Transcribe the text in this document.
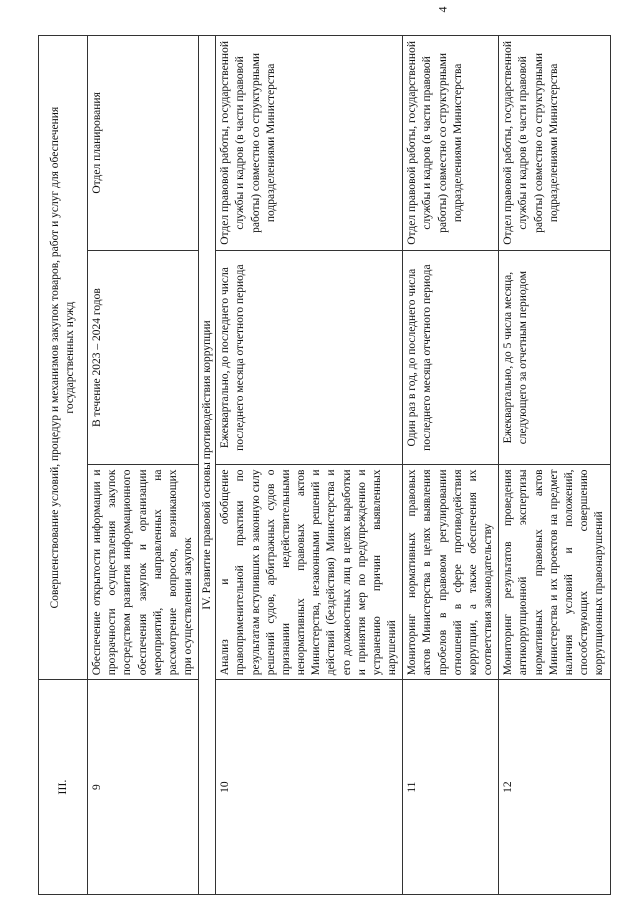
4
III.	Совершенствование условий, процедур и механизмов закупок товаров, работ и услуг для обеспечения государственных нужд		
9	Обеспечение открытости информации и прозрачности осуществления закупок посредством развития информационного обеспечения закупок и организации мероприятий, направленных на рассмотрение вопросов, возникающих при осуществлении закупок	В течение 2023 – 2024 годов	Отдел планирования
IV. Развитие правовой основы противодействия коррупции			
10	Анализ и обобщение правоприменительной практики по результатам вступивших в законную силу решений судов, арбитражных судов о признании недействительными ненормативных правовых актов Министерства, незаконными решений и действий (бездействия) Министерства и его должностных лиц в целях выработки и принятия мер по предупреждению и устранению причин выявленных нарушений	Ежеквартально, до последнего числа последнего месяца отчетного периода	Отдел правовой работы, государственной службы и кадров (в части правовой работы) совместно со структурными подразделениями Министерства
11	Мониторинг нормативных правовых актов Министерства в целях выявления пробелов в правовом регулировании отношений в сфере противодействия коррупции, а также обеспечения их соответствия законодательству	Один раз в год, до последнего числа последнего месяца отчетного периода	Отдел правовой работы, государственной службы и кадров (в части правовой работы) совместно со структурными подразделениями Министерства
12	Мониторинг результатов проведения антикоррупционной экспертизы нормативных правовых актов Министерства и их проектов на предмет наличия условий и положений, способствующих совершению коррупционных правонарушений	Ежеквартально, до 5 числа месяца, следующего за отчетным периодом	Отдел правовой работы, государственной службы и кадров (в части правовой работы) совместно со структурными подразделениями Министерства
